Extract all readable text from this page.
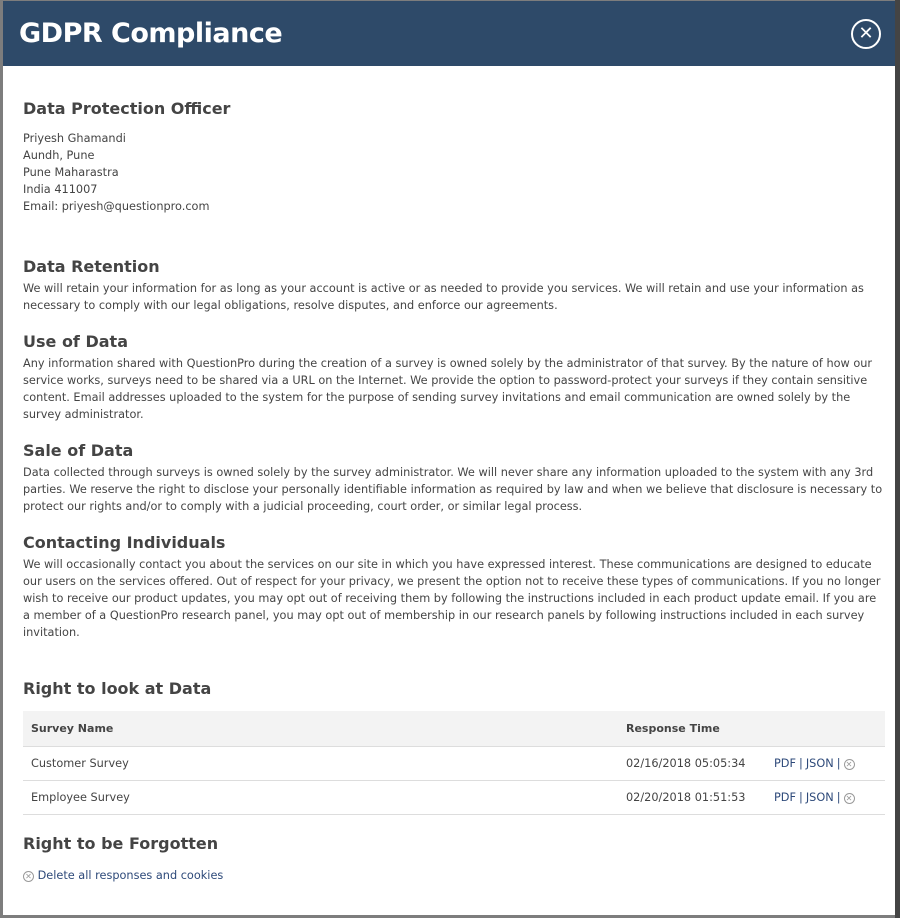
GDPR Compliance	✕
Data Protection Officer

Priyesh Ghamandi

Aundh, Pune

Pune Maharastra

India 411007

Email: priyesh@questionpro.com

Data Retention

We will retain your information for as long as your account is active or as needed to provide you services. We will retain and use your information as necessary to comply with our legal obligations, resolve disputes, and enforce our agreements.

Use of Data

Any information shared with QuestionPro during the creation of a survey is owned solely by the administrator of that survey. By the nature of how our service works, surveys need to be shared via a URL on the Internet. We provide the option to password-protect your surveys if they contain sensitive content. Email addresses uploaded to the system for the purpose of sending survey invitations and email communication are owned solely by the survey administrator.

Sale of Data

Data collected through surveys is owned solely by the survey administrator. We will never share any information uploaded to the system with any 3rd parties. We reserve the right to disclose your personally identifiable information as required by law and when we believe that disclosure is necessary to protect our rights and/or to comply with a judicial proceeding, court order, or similar legal process.

Contacting Individuals

We will occasionally contact you about the services on our site in which you have expressed interest. These communications are designed to educate our users on the services offered. Out of respect for your privacy, we present the option not to receive these types of communications. If you no longer wish to receive our product updates, you may opt out of receiving them by following the instructions included in each product update email. If you are a member of a QuestionPro research panel, you may opt out of membership in our research panels by following instructions included in each survey invitation.

Right to look at Data
Survey Name	Response Time	
Customer Survey	02/16/2018 05:05:34	PDF | JSON | ✕
Employee Survey	02/20/2018 01:51:53	PDF | JSON | ✕
Right to be Forgotten
✕ Delete all responses and cookies
